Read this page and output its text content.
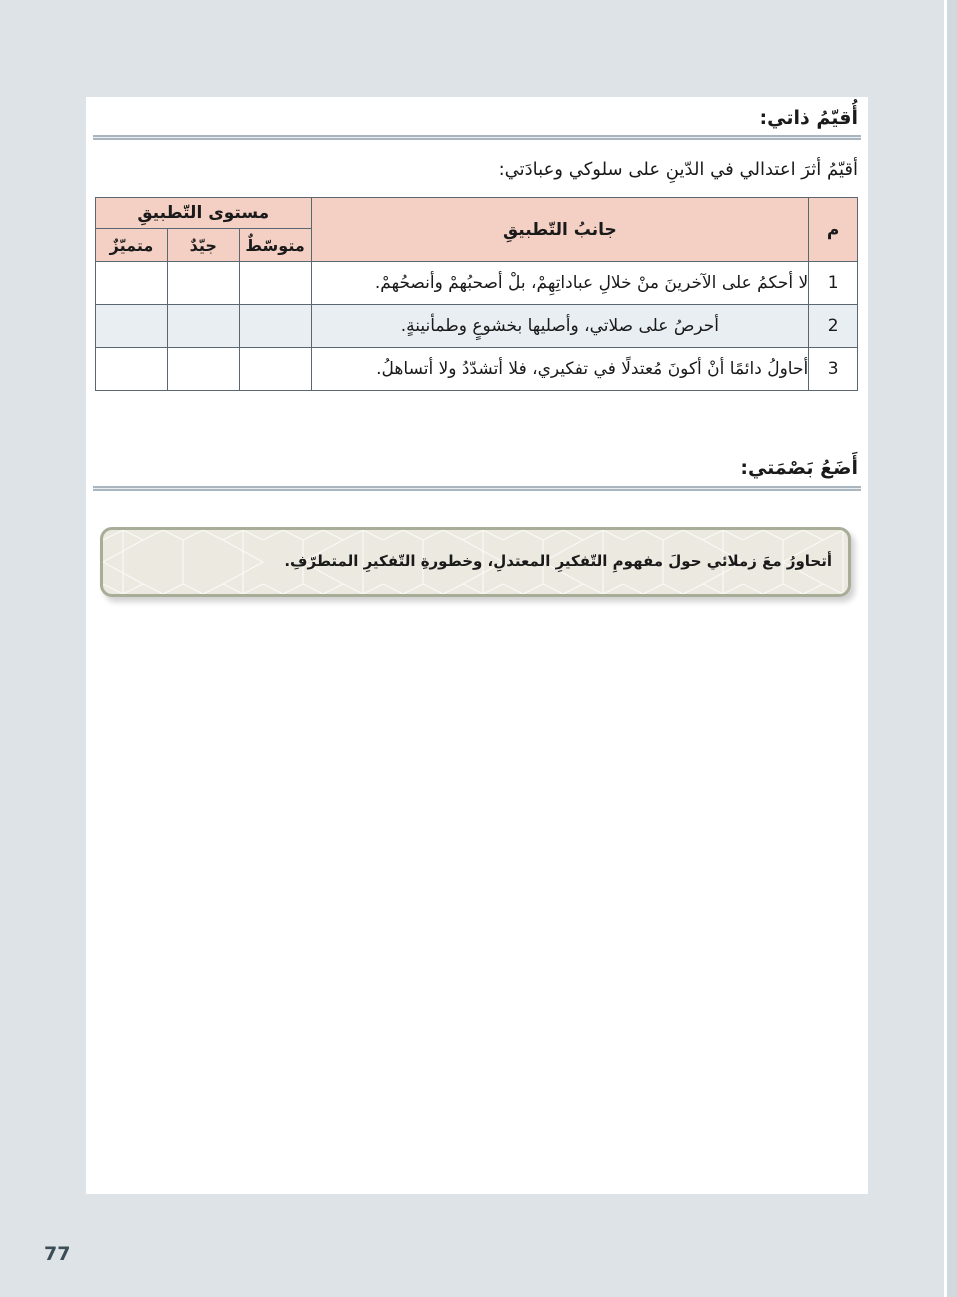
أُقيّمُ ذاتي:
أقيّمُ أثرَ اعتدالي في الدّينِ على سلوكي وعبادَتي:
م	جانبُ التّطبيقِ	مستوى التّطبيقِ		
		متوسّطٌ	جيّدٌ	متميّزٌ
1	لا أحكمُ على الآخرينَ منْ خلالِ عباداتِهِمْ، بلْ أصحبُهمْ وأنصحُهمْ.			
2	أحرصُ على صلاتي، وأصليها بخشوعٍ وطمأنينةٍ.			
3	أحاولُ دائمًا أنْ أكونَ مُعتدلًا في تفكيري، فلا أتشدّدُ ولا أتساهلُ.			
أَضَعُ بَصْمَتي:
أتحاورُ معَ زملائي حولَ مفهومِ التّفكيرِ المعتدلِ، وخطورةِ التّفكيرِ المتطرّفِ.
77
